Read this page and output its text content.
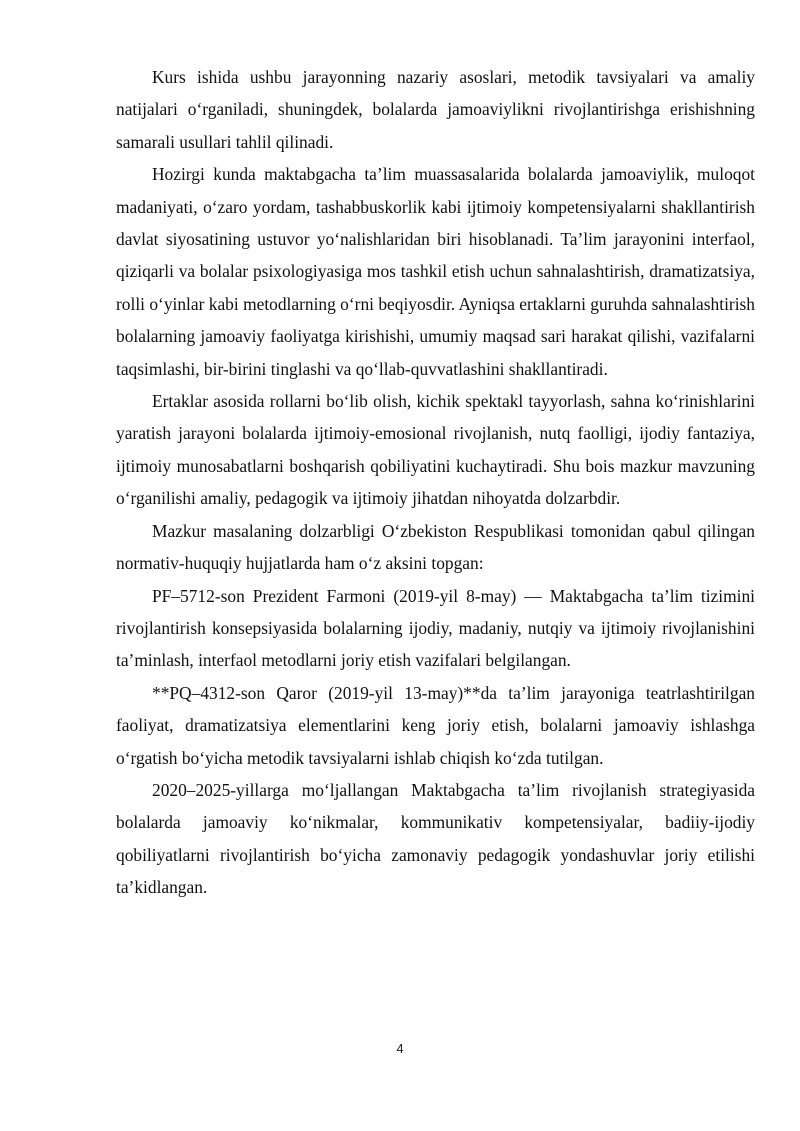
Kurs ishida ushbu jarayonning nazariy asoslari, metodik tavsiyalari va amaliy natijalari o‘rganiladi, shuningdek, bolalarda jamoaviylikni rivojlantirishga erishishning samarali usullari tahlil qilinadi.

Hozirgi kunda maktabgacha ta’lim muassasalarida bolalarda jamoaviylik, muloqot madaniyati, o‘zaro yordam, tashabbuskorlik kabi ijtimoiy kompetensiyalarni shakllantirish davlat siyosatining ustuvor yo‘nalishlaridan biri hisoblanadi. Ta’lim jarayonini interfaol, qiziqarli va bolalar psixologiyasiga mos tashkil etish uchun sahnalashtirish, dramatizatsiya, rolli o‘yinlar kabi metodlarning o‘rni beqiyosdir. Ayniqsa ertaklarni guruhda sahnalashtirish bolalarning jamoaviy faoliyatga kirishishi, umumiy maqsad sari harakat qilishi, vazifalarni taqsimlashi, bir-birini tinglashi va qo‘llab-quvvatlashini shakllantiradi.

Ertaklar asosida rollarni bo‘lib olish, kichik spektakl tayyorlash, sahna ko‘rinishlarini yaratish jarayoni bolalarda ijtimoiy-emosional rivojlanish, nutq faolligi, ijodiy fantaziya, ijtimoiy munosabatlarni boshqarish qobiliyatini kuchaytiradi. Shu bois mazkur mavzuning o‘rganilishi amaliy, pedagogik va ijtimoiy jihatdan nihoyatda dolzarbdir.

Mazkur masalaning dolzarbligi O‘zbekiston Respublikasi tomonidan qabul qilingan normativ-huquqiy hujjatlarda ham o‘z aksini topgan:

PF–5712-son Prezident Farmoni (2019-yil 8-may) — Maktabgacha ta’lim tizimini rivojlantirish konsepsiyasida bolalarning ijodiy, madaniy, nutqiy va ijtimoiy rivojlanishini ta’minlash, interfaol metodlarni joriy etish vazifalari belgilangan.

**PQ–4312-son Qaror (2019-yil 13-may)**da ta’lim jarayoniga teatrlashtirilgan faoliyat, dramatizatsiya elementlarini keng joriy etish, bolalarni jamoaviy ishlashga o‘rgatish bo‘yicha metodik tavsiyalarni ishlab chiqish ko‘zda tutilgan.

2020–2025-yillarga mo‘ljallangan Maktabgacha ta’lim rivojlanish strategiyasida bolalarda jamoaviy ko‘nikmalar, kommunikativ kompetensiyalar, badiiy-ijodiy qobiliyatlarni rivojlantirish bo‘yicha zamonaviy pedagogik yondashuvlar joriy etilishi ta’kidlangan.

4
